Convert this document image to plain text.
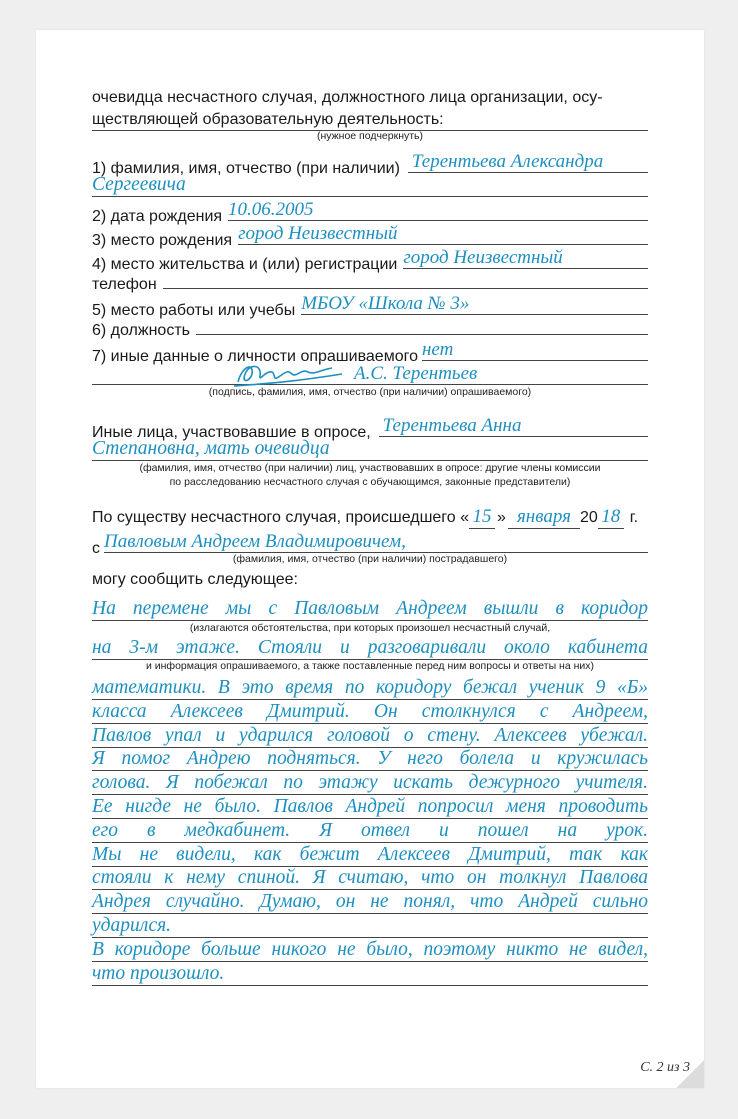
очевидца несчастного случая, должностного лица организации, осу-
ществляющей образовательную деятельность:
(нужное подчеркнуть)
1) фамилия, имя, отчество (при наличии) Терентьева Александра
Сергеевича
2) дата рождения 10.06.2005
3) место рождения город Неизвестный
4) место жительства и (или) регистрации город Неизвестный
телефон
5) место работы или учебы МБОУ «Школа № 3»
6) должность
7) иные данные о личности опрашиваемого нет
А.С. Терентьев
(подпись, фамилия, имя, отчество (при наличии) опрашиваемого)
Иные лица, участвовавшие в опросе, Терентьева Анна
Степановна, мать очевидца
(фамилия, имя, отчество (при наличии) лиц, участвовавших в опросе: другие члены комиссии
по расследованию несчастного случая с обучающимся, законные представители)
По существу несчастного случая, происшедшего « 15 » января 20 18 г.
с Павловым Андреем Владимировичем,
(фамилия, имя, отчество (при наличии) пострадавшего)
могу сообщить следующее:
На перемене мы с Павловым Андреем вышли в коридор
(излагаются обстоятельства, при которых произошел несчастный случай,
на 3-м этаже. Стояли и разговаривали около кабинета
и информация опрашиваемого, а также поставленные перед ним вопросы и ответы на них)
математики. В это время по коридору бежал ученик 9 «Б»
класса Алексеев Дмитрий. Он столкнулся с Андреем,
Павлов упал и ударился головой о стену. Алексеев убежал.
Я помог Андрею подняться. У него болела и кружилась
голова. Я побежал по этажу искать дежурного учителя.
Ее нигде не было. Павлов Андрей попросил меня проводить
его в медкабинет. Я отвел и пошел на урок.
Мы не видели, как бежит Алексеев Дмитрий, так как
стояли к нему спиной. Я считаю, что он толкнул Павлова
Андрея случайно. Думаю, он не понял, что Андрей сильно
ударился.
В коридоре больше никого не было, поэтому никто не видел,
что произошло.
С. 2 из 3
